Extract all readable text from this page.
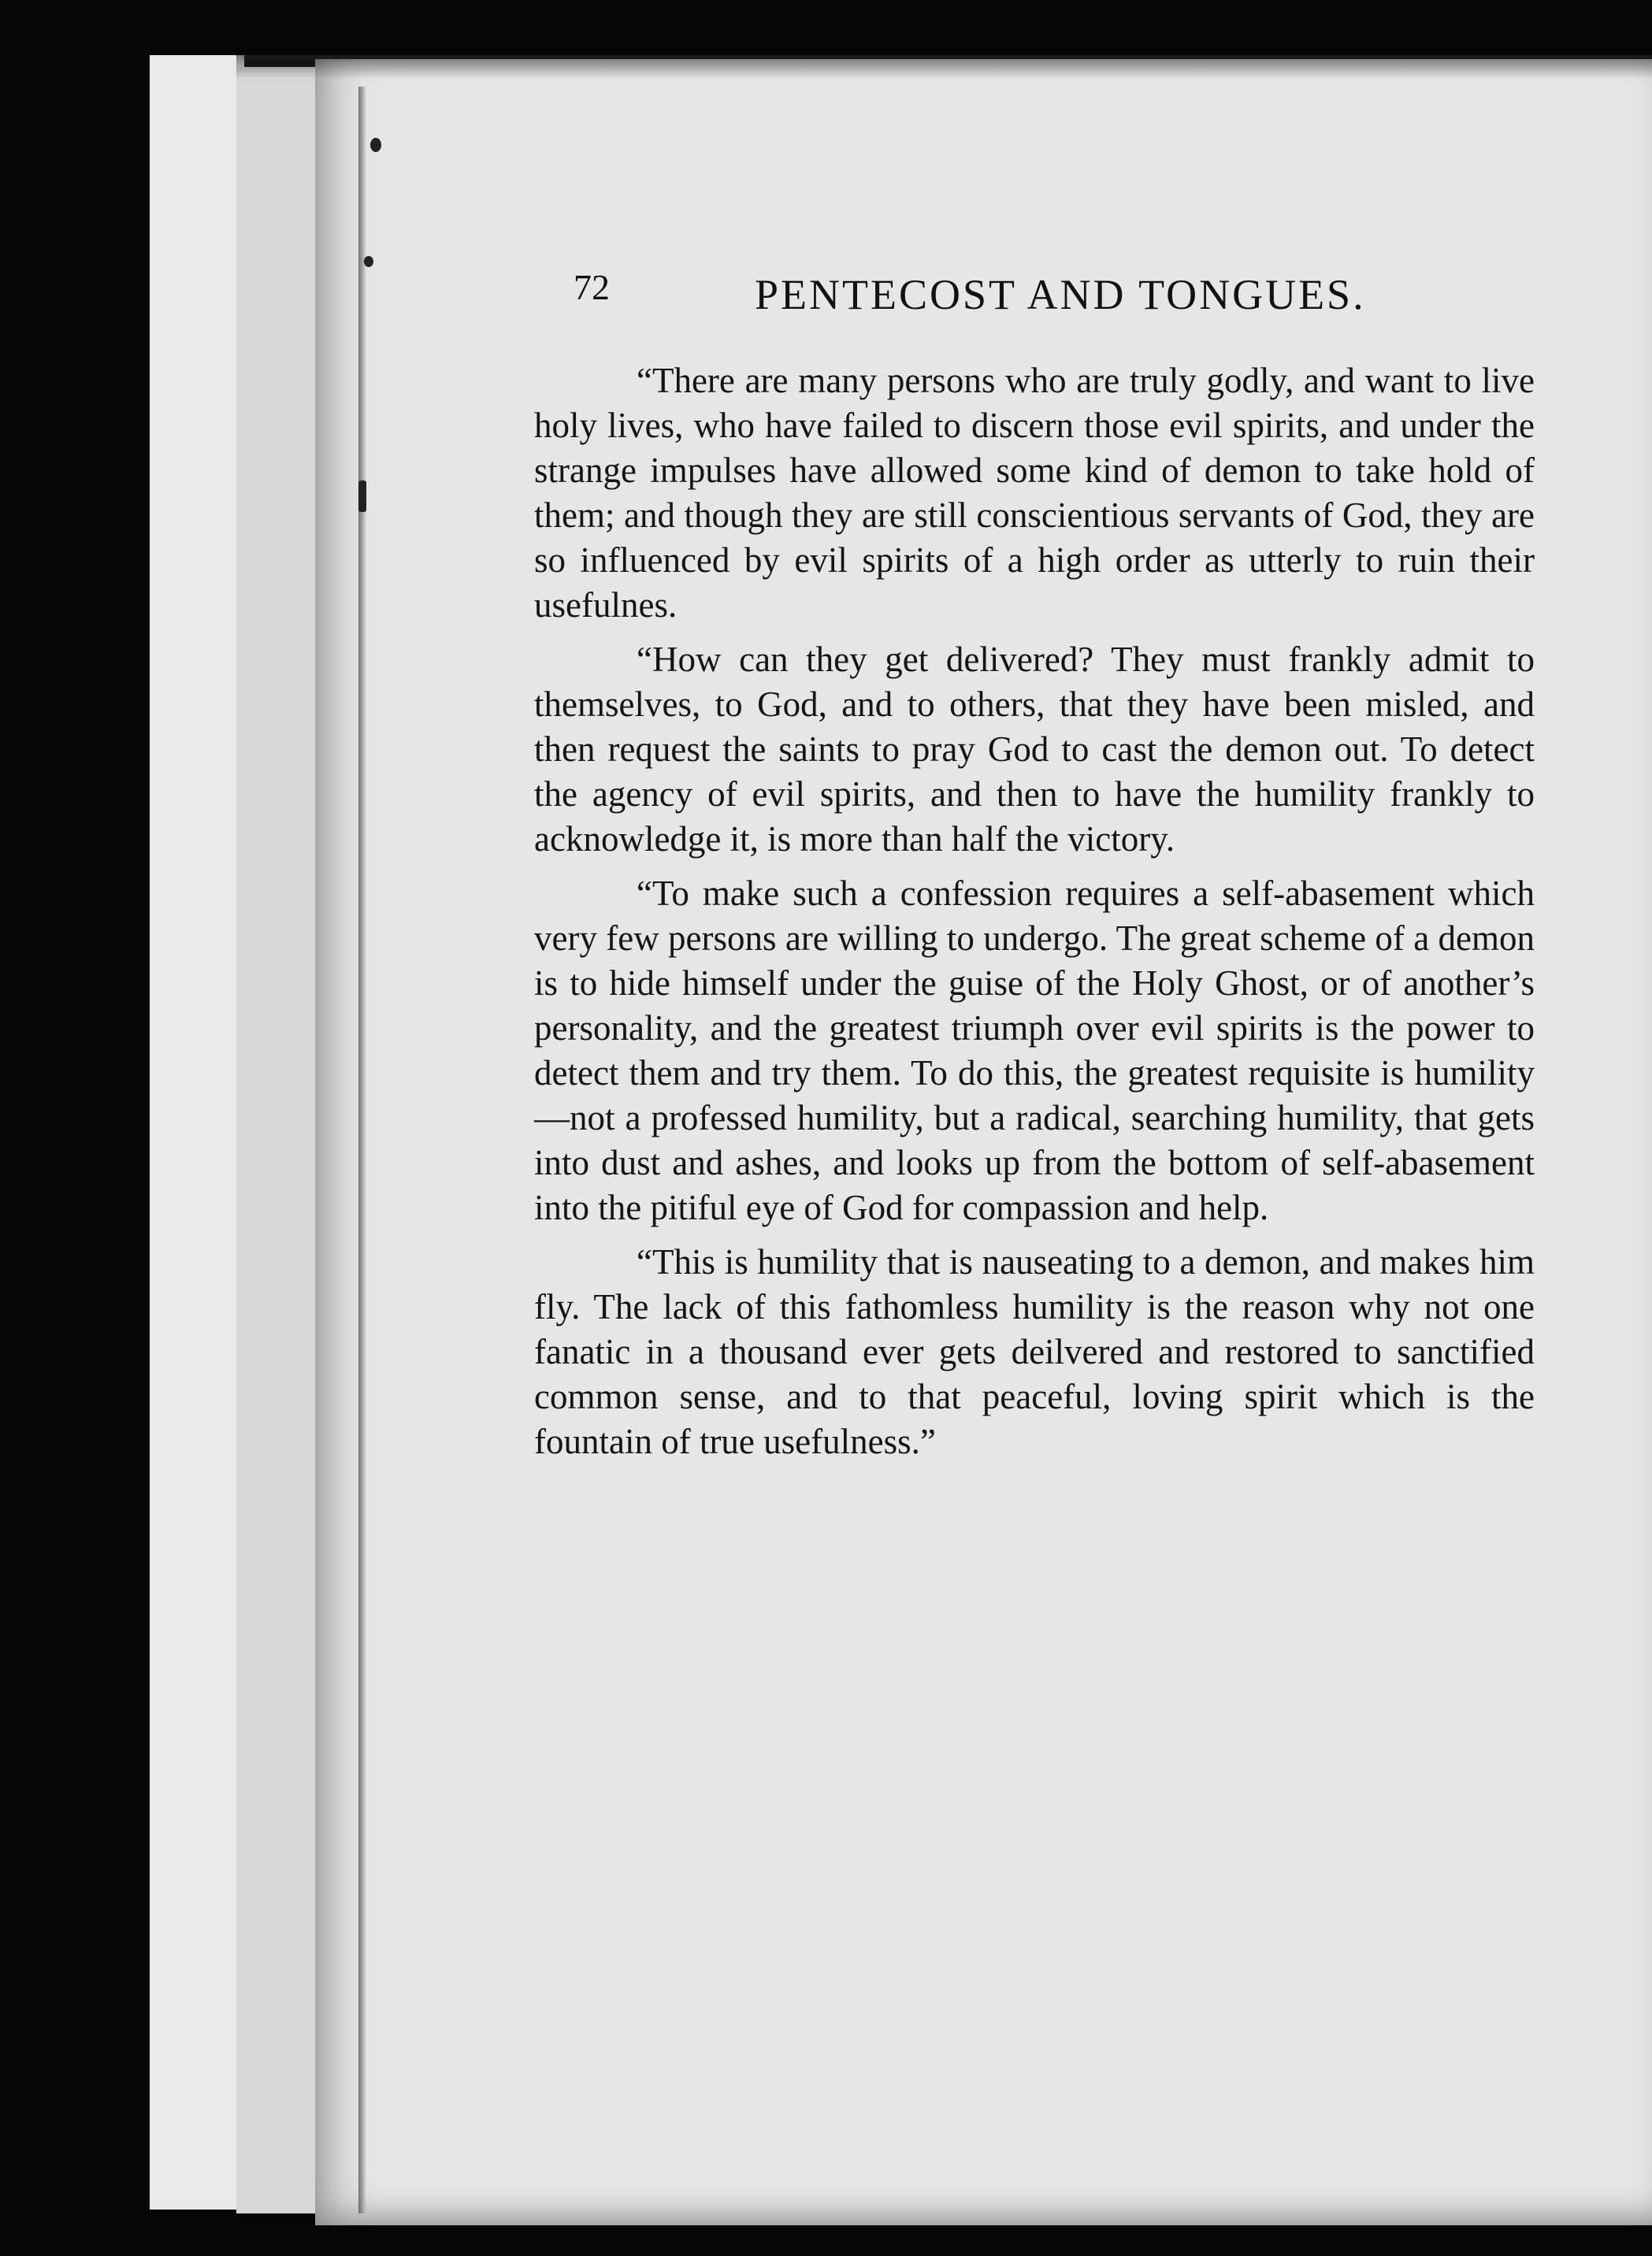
72	PENTECOST AND TONGUES.

“There are many persons who are truly godly, and want to live holy lives, who have failed to discern those evil spirits, and under the strange impulses have allowed some kind of demon to take hold of them; and though they are still conscientious servants of God, they are so influenced by evil spirits of a high order as utterly to ruin their usefulnes.

“How can they get delivered? They must frankly admit to themselves, to God, and to others, that they have been misled, and then request the saints to pray God to cast the demon out. To detect the agency of evil spirits, and then to have the humility frankly to acknowledge it, is more than half the victory.

“To make such a confession requires a self-abasement which very few persons are willing to undergo. The great scheme of a demon is to hide himself under the guise of the Holy Ghost, or of another’s personality, and the greatest triumph over evil spirits is the power to detect them and try them. To do this, the greatest requisite is humility—not a professed humility, but a radical, searching humility, that gets into dust and ashes, and looks up from the bottom of self-abasement into the pitiful eye of God for compassion and help.

“This is humility that is nauseating to a demon, and makes him fly. The lack of this fathomless humility is the reason why not one fanatic in a thousand ever gets deilvered and restored to sanctified common sense, and to that peaceful, loving spirit which is the fountain of true usefulness.”
